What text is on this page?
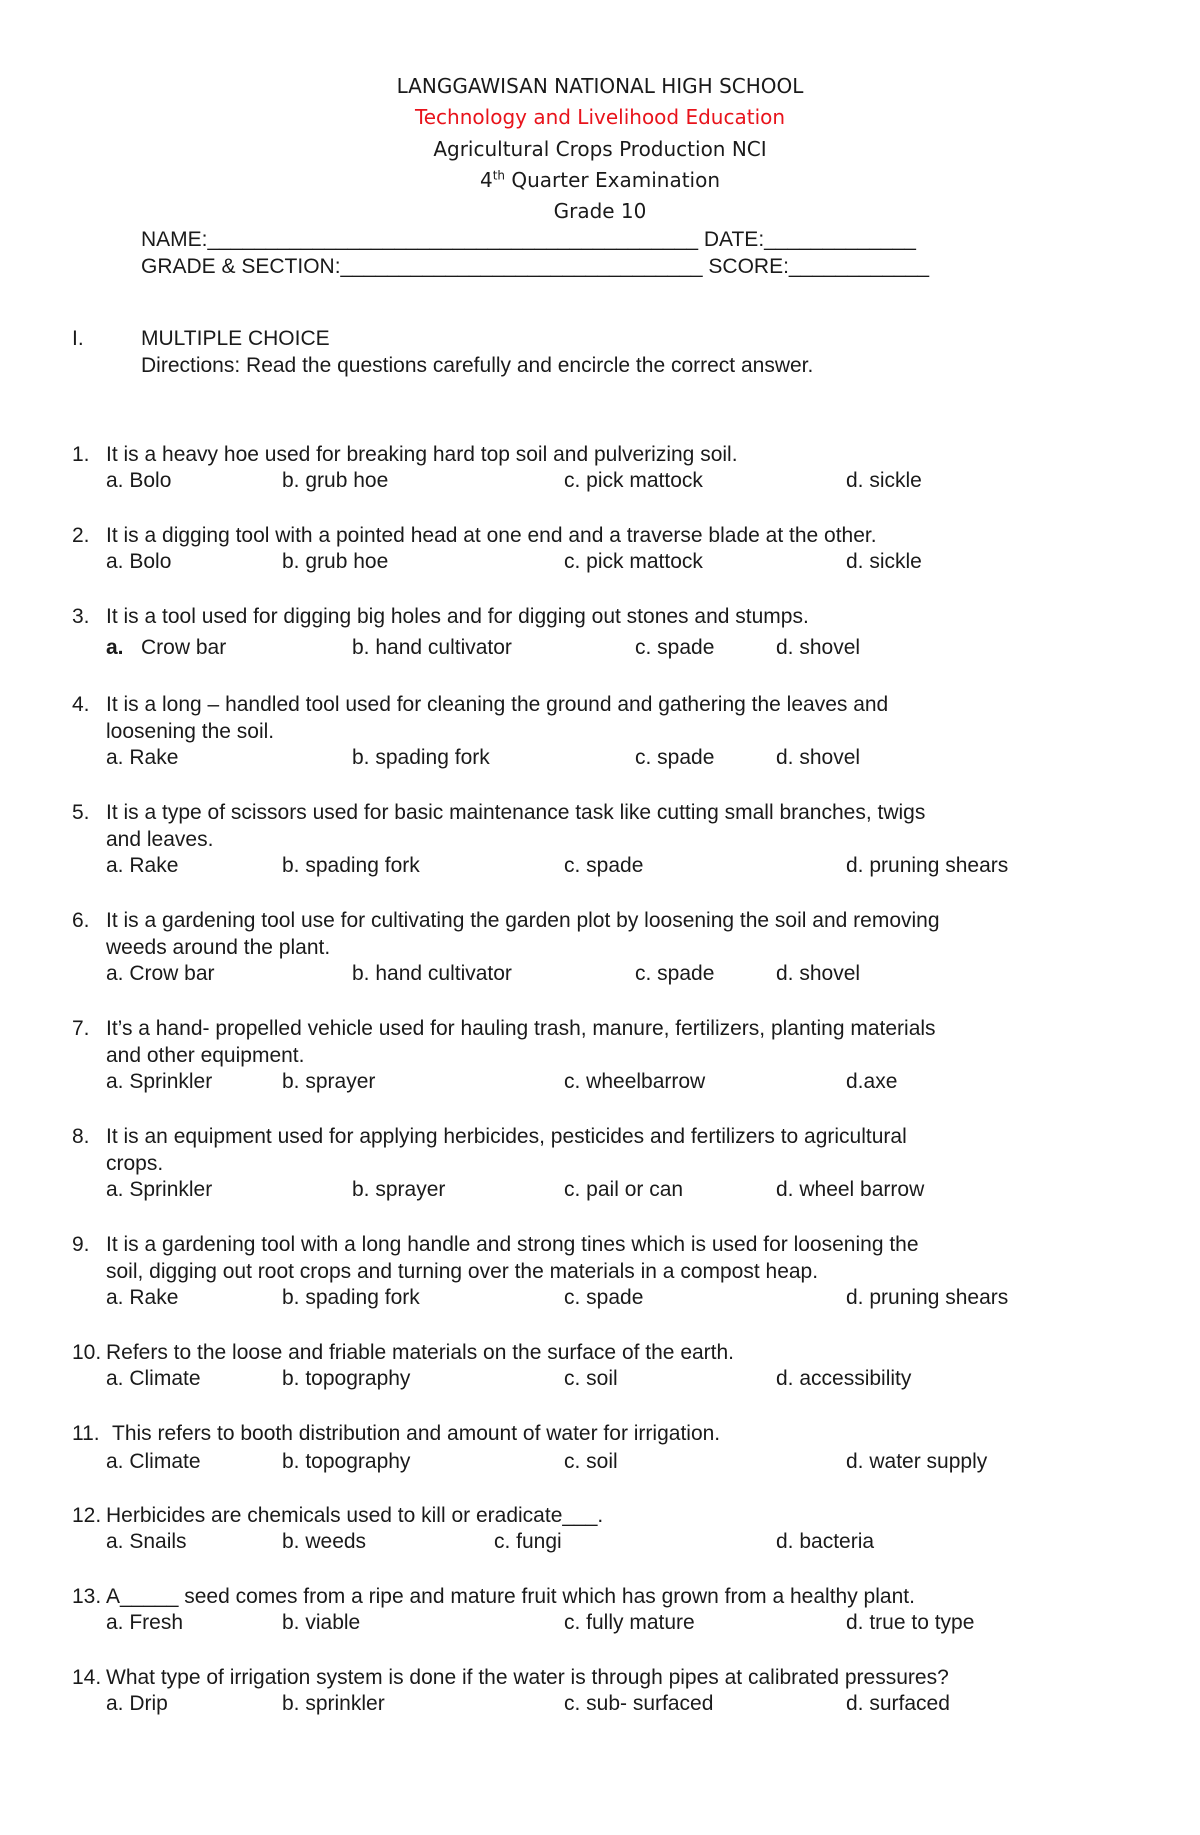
LANGGAWISAN NATIONAL HIGH SCHOOL
Technology and Livelihood Education
Agricultural Crops Production NCI
4th Quarter Examination
Grade 10
NAME:__________________________________________ DATE:_____________
GRADE & SECTION:_______________________________ SCORE:____________
I.	MULTIPLE CHOICE
Directions: Read the questions carefully and encircle the correct answer.
1. It is a heavy hoe used for breaking hard top soil and pulverizing soil.
a. Bolo	b. grub hoe	c. pick mattock	d. sickle
2. It is a digging tool with a pointed head at one end and a traverse blade at the other.
a. Bolo	b. grub hoe	c. pick mattock	d. sickle
3. It is a tool used for digging big holes and for digging out stones and stumps.
a. Crow bar	b. hand cultivator	c. spade	d. shovel
4. It is a long – handled tool used for cleaning the ground and gathering the leaves and
loosening the soil.
a. Rake	b. spading fork	c. spade	d. shovel
5. It is a type of scissors used for basic maintenance task like cutting small branches, twigs
and leaves.
a. Rake	b. spading fork	c. spade	d. pruning shears
6. It is a gardening tool use for cultivating the garden plot by loosening the soil and removing
weeds around the plant.
a. Crow bar	b. hand cultivator	c. spade	d. shovel
7. It’s a hand- propelled vehicle used for hauling trash, manure, fertilizers, planting materials
and other equipment.
a. Sprinkler	b. sprayer	c. wheelbarrow	d.axe
8. It is an equipment used for applying herbicides, pesticides and fertilizers to agricultural
crops.
a. Sprinkler	b. sprayer	c. pail or can	d. wheel barrow
9. It is a gardening tool with a long handle and strong tines which is used for loosening the
soil, digging out root crops and turning over the materials in a compost heap.
a. Rake	b. spading fork	c. spade	d. pruning shears
10. Refers to the loose and friable materials on the surface of the earth.
a. Climate	b. topography	c. soil	d. accessibility
11. This refers to booth distribution and amount of water for irrigation.
a. Climate	b. topography	c. soil	d. water supply
12. Herbicides are chemicals used to kill or eradicate___.
a. Snails	b. weeds	c. fungi	d. bacteria
13. A_____ seed comes from a ripe and mature fruit which has grown from a healthy plant.
a. Fresh	b. viable	c. fully mature	d. true to type
14. What type of irrigation system is done if the water is through pipes at calibrated pressures?
a. Drip	b. sprinkler	c. sub- surfaced	d. surfaced
